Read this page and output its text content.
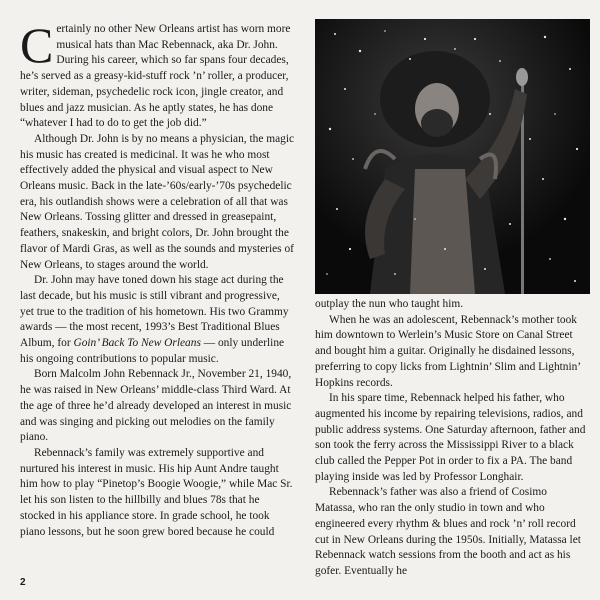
Certainly no other New Orleans artist has worn more musical hats than Mac Rebennack, aka Dr. John. During his career, which so far spans four decades, he’s served as a greasy-kid-stuff rock ’n’ roller, a producer, writer, sideman, psychedelic rock icon, jingle creator, and blues and jazz musician. As he aptly states, he has done “whatever I had to do to get the job did.”

Although Dr. John is by no means a physician, the magic his music has created is medicinal. It was he who most effectively added the physical and visual aspect to New Orleans music. Back in the late-’60s/early-’70s psychedelic era, his outlandish shows were a celebration of all that was New Orleans. Tossing glitter and dressed in greasepaint, feathers, snakeskin, and bright colors, Dr. John brought the flavor of Mardi Gras, as well as the sounds and mysteries of New Orleans, to stages around the world.

Dr. John may have toned down his stage act during the last decade, but his music is still vibrant and progressive, yet true to the tradition of his hometown. His two Grammy awards — the most recent, 1993’s Best Traditional Blues Album, for Goin’ Back To New Orleans — only underline his ongoing contributions to popular music.

Born Malcolm John Rebennack Jr., November 21, 1940, he was raised in New Orleans’ middle-class Third Ward. At the age of three he’d already developed an interest in music and was singing and picking out melodies on the family piano.

Rebennack’s family was extremely supportive and nurtured his interest in music. His hip Aunt Andre taught him how to play “Pinetop’s Boogie Woogie,” while Mac Sr. let his son listen to the hillbilly and blues 78s that he stocked in his appliance store. In grade school, he took piano lessons, but he soon grew bored because he could

outplay the nun who taught him.

When he was an adolescent, Rebennack’s mother took him downtown to Werlein’s Music Store on Canal Street and bought him a guitar. Originally he disdained lessons, preferring to copy licks from Lightnin’ Slim and Lightnin’ Hopkins records.

In his spare time, Rebennack helped his father, who augmented his income by repairing televisions, radios, and public address systems. One Saturday afternoon, father and son took the ferry across the Mississippi River to a black club called the Pepper Pot in order to fix a PA. The band playing inside was led by Professor Longhair.

Rebennack’s father was also a friend of Cosimo Matassa, who ran the only studio in town and who engineered every rhythm & blues and rock ’n’ roll record cut in New Orleans during the 1950s. Initially, Matassa let Rebennack watch sessions from the booth and act as his gofer. Eventually he

2
